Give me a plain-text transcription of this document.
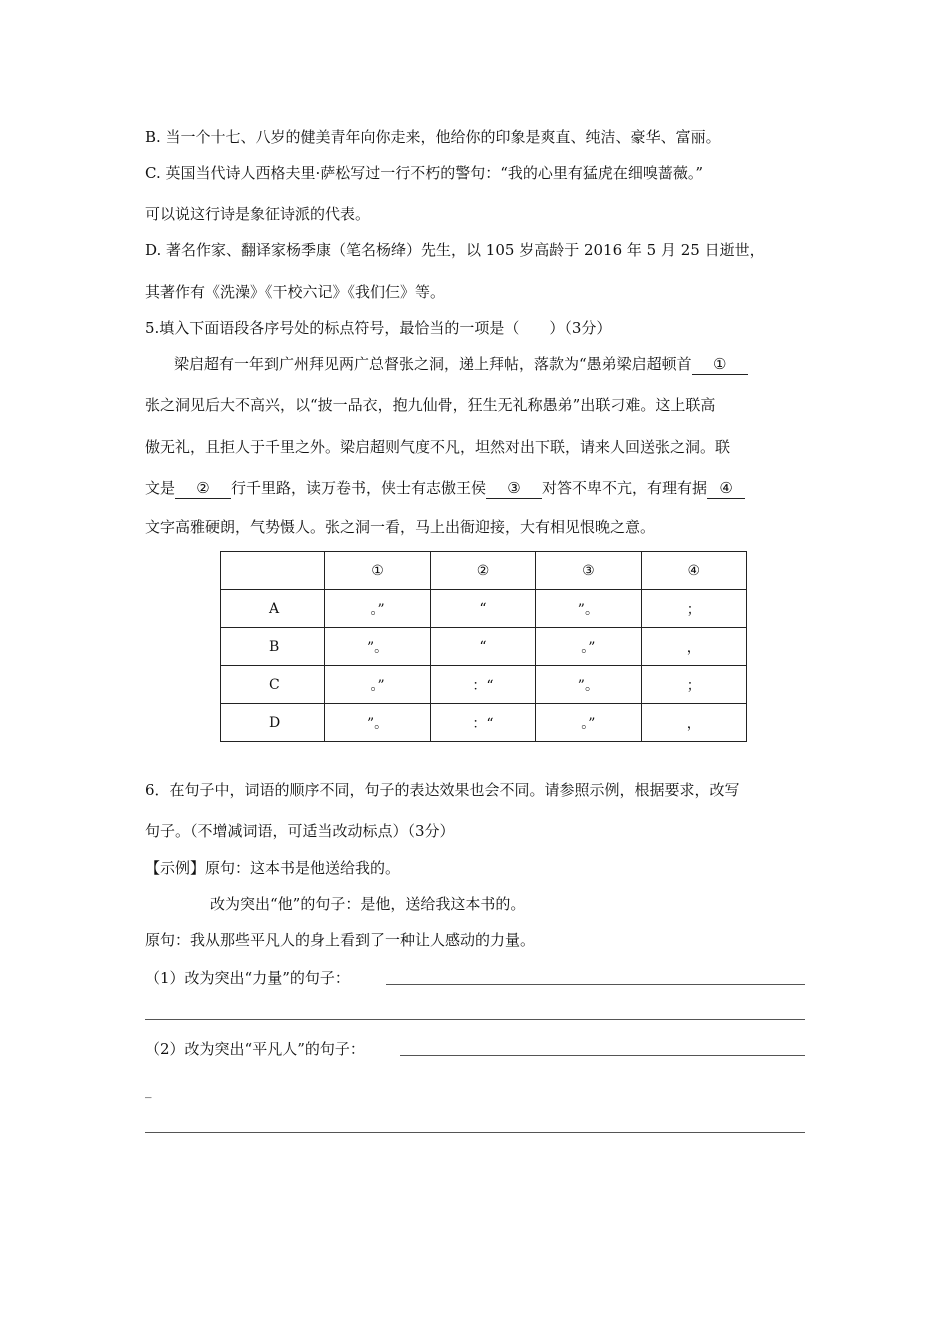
B. 当一个十七、八岁的健美青年向你走来，他给你的印象是爽直、纯洁、豪华、富丽。
C. 英国当代诗人西格夫里·萨松写过一行不朽的警句：“我的心里有猛虎在细嗅蔷薇。”
可以说这行诗是象征诗派的代表。
D. 著名作家、翻译家杨季康（笔名杨绛）先生，以 105 岁高龄于 2016 年 5 月 25 日逝世，
其著作有《洗澡》《干校六记》《我们仨》等。
5.填入下面语段各序号处的标点符号，最恰当的一项是（　　）（3分）
梁启超有一年到广州拜见两广总督张之洞，递上拜帖，落款为“愚弟梁启超顿首 ①
张之洞见后大不高兴，以“披一品衣，抱九仙骨，狂生无礼称愚弟”出联刁难。这上联高
傲无礼，且拒人于千里之外。梁启超则气度不凡，坦然对出下联，请来人回送张之洞。联
文是 ② 行千里路，读万卷书，侠士有志傲王侯 ③ 对答不卑不亢，有理有据 ④
文字高雅硬朗，气势慑人。张之洞一看，马上出衙迎接，大有相见恨晚之意。
	①	②	③	④
A	。”	“	”。	；
B	”。	“	。”	，
C	。”	：“	”。	；
D	”。	：“	。”	，
6．在句子中，词语的顺序不同，句子的表达效果也会不同。请参照示例，根据要求，改写
句子。（不增减词语，可适当改动标点）（3分）
【示例】原句：这本书是他送给我的。
改为突出“他”的句子：是他，送给我这本书的。
原句：我从那些平凡人的身上看到了一种让人感动的力量。
（1）改为突出“力量”的句子：
（2）改为突出“平凡人”的句子：
_
